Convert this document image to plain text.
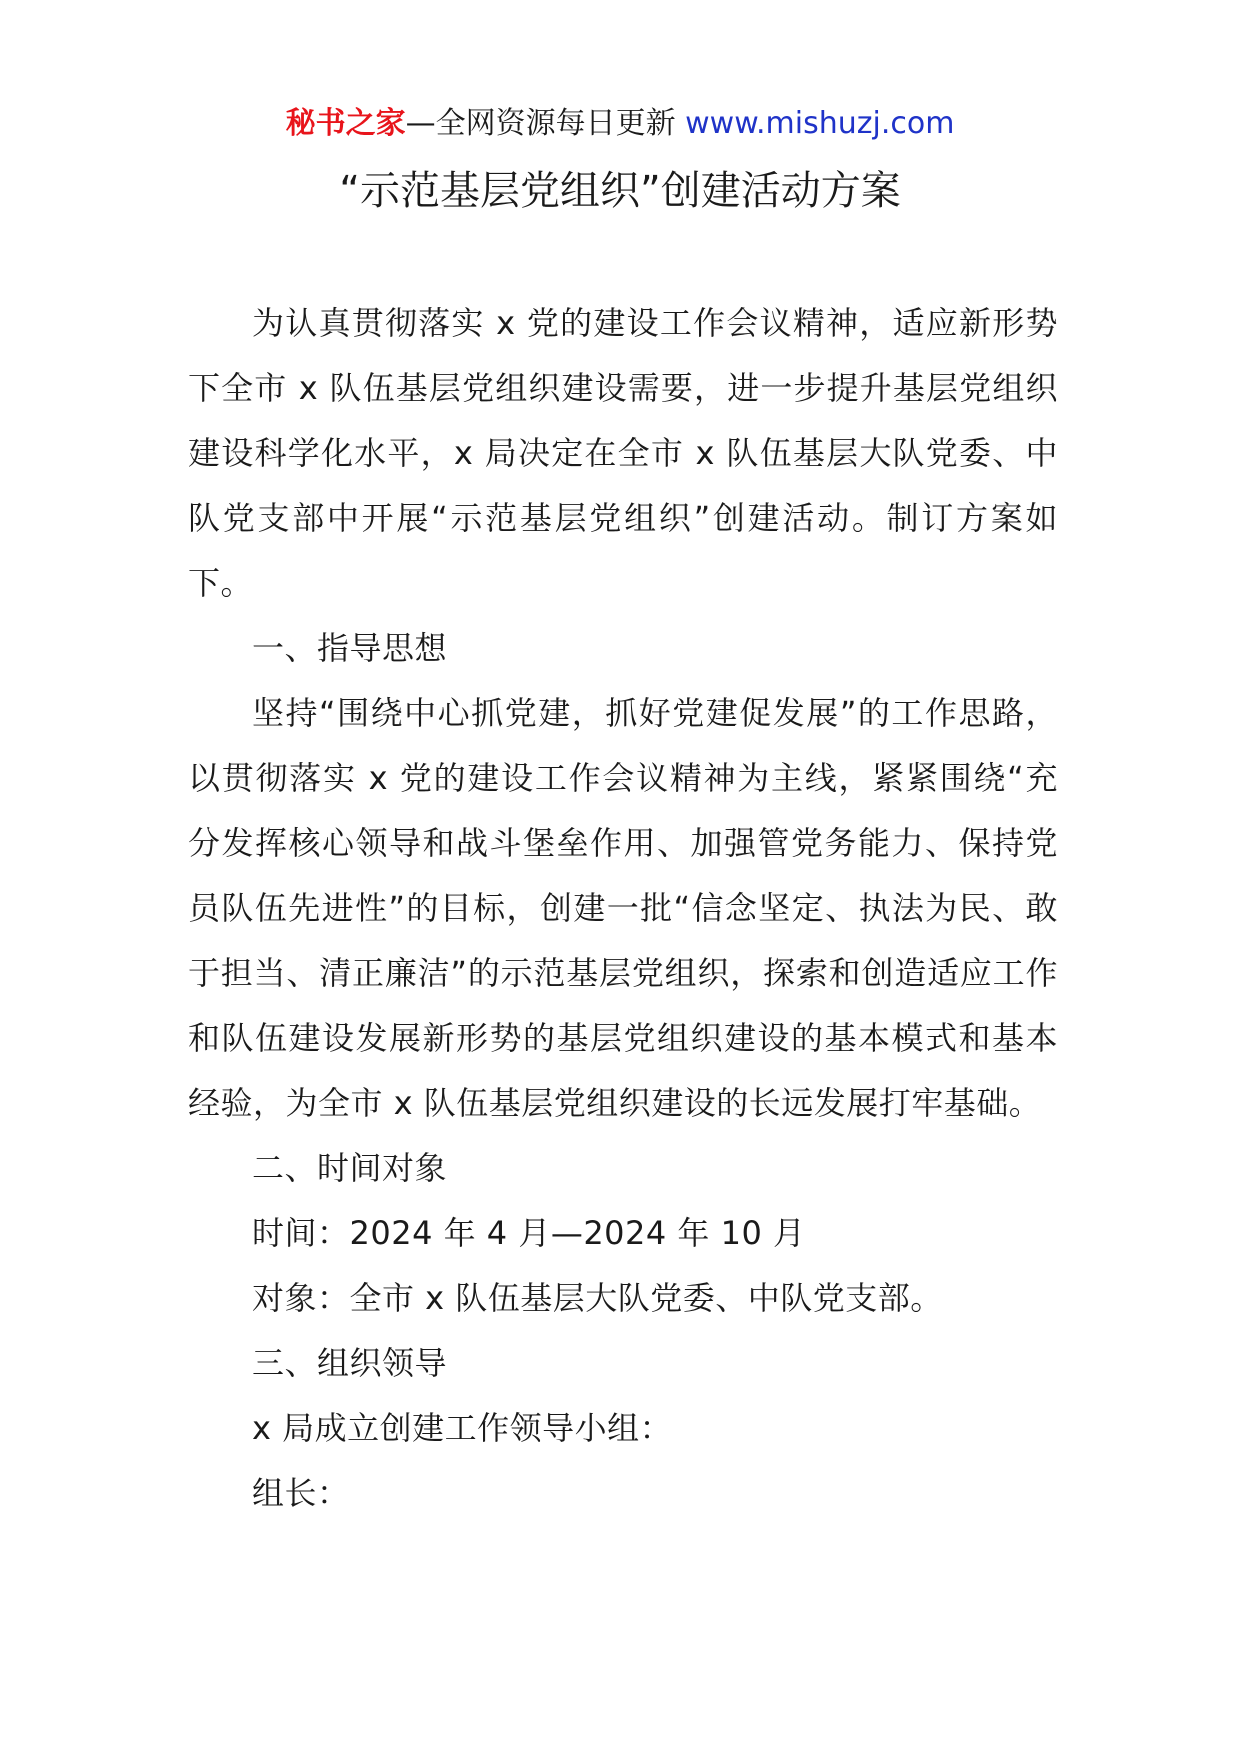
秘书之家—全网资源每日更新 www.mishuzj.com
“示范基层党组织”创建活动方案

为认真贯彻落实 x 党的建设工作会议精神，适应新形势下全市 x 队伍基层党组织建设需要，进一步提升基层党组织建设科学化水平，x 局决定在全市 x 队伍基层大队党委、中队党支部中开展“示范基层党组织”创建活动。制订方案如下。

一、指导思想

坚持“围绕中心抓党建，抓好党建促发展”的工作思路，以贯彻落实 x 党的建设工作会议精神为主线，紧紧围绕“充分发挥核心领导和战斗堡垒作用、加强管党务能力、保持党员队伍先进性”的目标，创建一批“信念坚定、执法为民、敢于担当、清正廉洁”的示范基层党组织，探索和创造适应工作和队伍建设发展新形势的基层党组织建设的基本模式和基本经验，为全市 x 队伍基层党组织建设的长远发展打牢基础。

二、时间对象

时间：2024 年 4 月—2024 年 10 月

对象：全市 x 队伍基层大队党委、中队党支部。

三、组织领导

x 局成立创建工作领导小组：

组长：
